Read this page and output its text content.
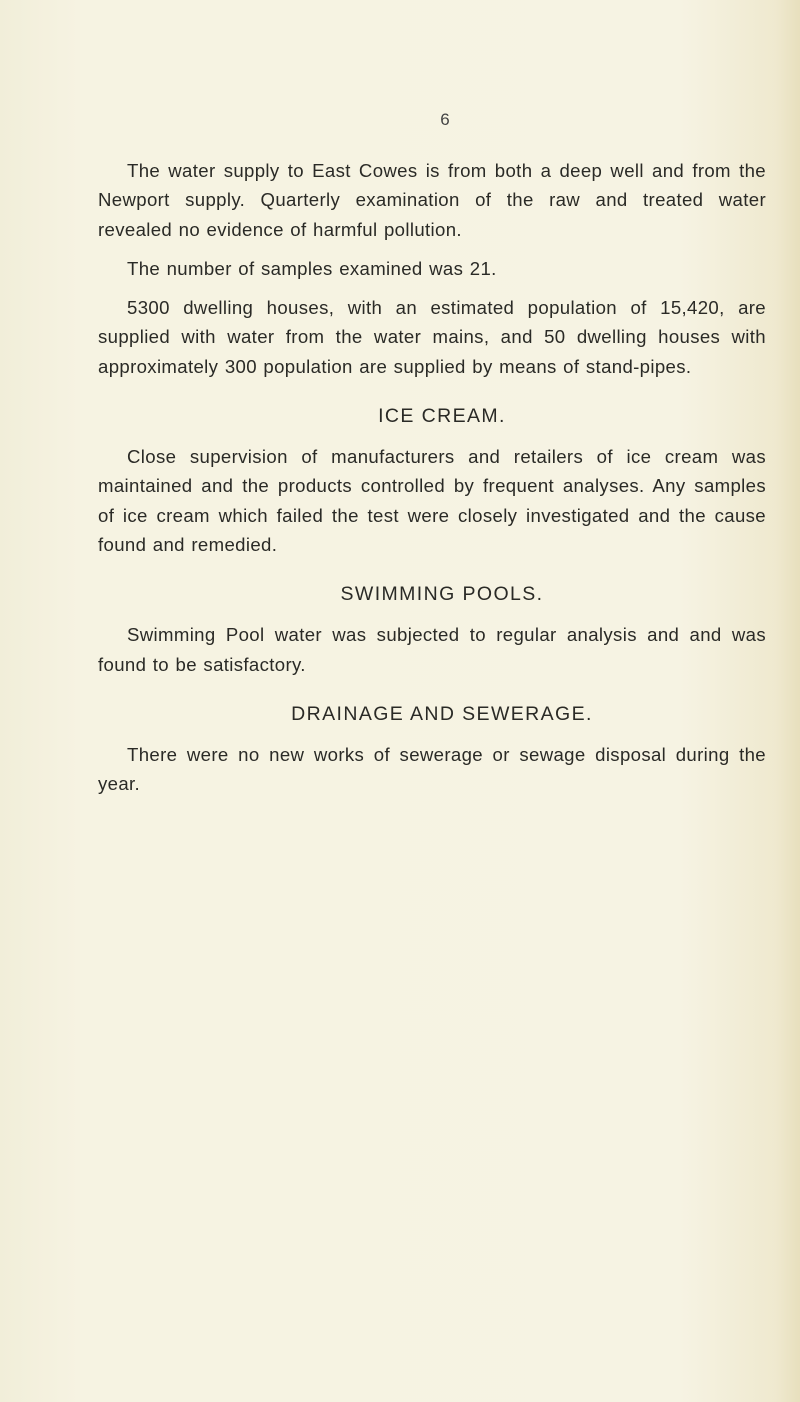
6

The water supply to East Cowes is from both a deep well and from the Newport supply. Quarterly examination of the raw and treated water revealed no evidence of harmful pollution.

The number of samples examined was 21.

5300 dwelling houses, with an estimated population of 15,420, are supplied with water from the water mains, and 50 dwelling houses with approximately 300 population are supplied by means of stand-pipes.

ICE CREAM.

Close supervision of manufacturers and retailers of ice cream was maintained and the products controlled by frequent analyses. Any samples of ice cream which failed the test were closely investigated and the cause found and remedied.

SWIMMING POOLS.

Swimming Pool water was subjected to regular analysis and and was found to be satisfactory.

DRAINAGE AND SEWERAGE.

There were no new works of sewerage or sewage disposal during the year.
